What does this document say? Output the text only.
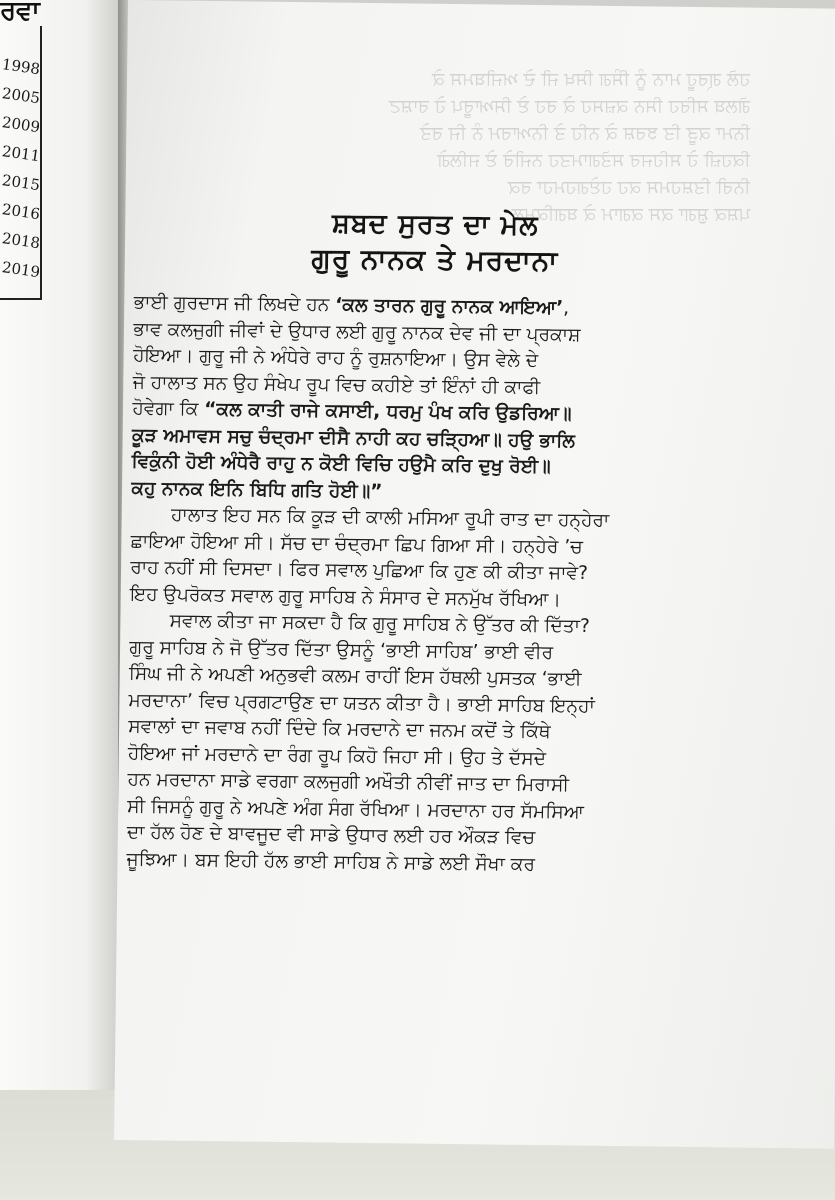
ਰਵਾ
1998
2005
2009
2011
2015
2016
2018
2019
ਹਲੋ ਗ੍ਰਹੂ ਮਾਨ ਨੂੰ ਸਿੰਗ ਸਿਖ ਜੀ ਦੇ ਅਜੀਬਮਸ ਕੇ
ਗੋਲਬ ਸਰਿਹ ਸਿਨ ਕਜ਼ਸਹ ਕੇ ਰਹ ਏ ਸਿਆਰੂਪ ਹੇ ਰਾਸ਼ਟ
ਨਿਮਾ ਕੜੂ ਤਿ ਝਰਸ਼ ਕੇ ਨਹਿ ਤੇ ਨਿਆਰਮ ਨੰ ਜਿ ਰਤੇ
ਕਿਹਜ਼ੀ ਹੇ ਸਹਿਜਰ ਸਤੋਗਾਮਤਹ ਨਜੀਰੇ ਏ ਜਲਿਗੇ
ਨਿਰੀ ਤਿਸ਼ਹਮਸ ਕਹ ਹਏਗਹਮਹਾ ਰਕ
ਪਸ਼ਕ ਸ਼ੁਗਾ ਕਸ ਕਗਾਮ ਕੇ ਬਗਕਿਮਲ
ਸ਼ਬਦ ਸੁਰਤ ਦਾ ਮੇਲ
ਗੁਰੂ ਨਾਨਕ ਤੇ ਮਰਦਾਨਾ
ਭਾਈ ਗੁਰਦਾਸ ਜੀ ਲਿਖਦੇ ਹਨ ‘ਕਲ ਤਾਰਨ ਗੁਰੂ ਨਾਨਕ ਆਇਆ’,
ਭਾਵ ਕਲਜੁਗੀ ਜੀਵਾਂ ਦੇ ਉਧਾਰ ਲਈ ਗੁਰੂ ਨਾਨਕ ਦੇਵ ਜੀ ਦਾ ਪ੍ਰਕਾਸ਼
ਹੋਇਆ। ਗੁਰੂ ਜੀ ਨੇ ਅੰਧੇਰੇ ਰਾਹ ਨੂੰ ਰੁਸ਼ਨਾਇਆ। ਉਸ ਵੇਲੇ ਦੇ
ਜੋ ਹਾਲਾਤ ਸਨ ਉਹ ਸੰਖੇਪ ਰੂਪ ਵਿਚ ਕਹੀਏ ਤਾਂ ਇੰਨਾਂ ਹੀ ਕਾਫੀ
ਹੋਵੇਗਾ ਕਿ “ਕਲ ਕਾਤੀ ਰਾਜੇ ਕਸਾਈ, ਧਰਮੁ ਪੰਖ ਕਰਿ ਉਡਰਿਆ॥
ਕੂੜ ਅਮਾਵਸ ਸਚੁ ਚੰਦ੍ਰਮਾ ਦੀਸੈ ਨਾਹੀ ਕਹ ਚੜ੍ਹਿਆ॥ ਹਉ ਭਾਲਿ
ਵਿਕੁੰਨੀ ਹੋਈ ਅੰਧੇਰੈ ਰਾਹੁ ਨ ਕੋਈ ਵਿਚਿ ਹਉਮੈ ਕਰਿ ਦੁਖੁ ਰੋਈ॥
ਕਹੁ ਨਾਨਕ ਇਨਿ ਬਿਧਿ ਗਤਿ ਹੋਈ॥”
ਹਾਲਾਤ ਇਹ ਸਨ ਕਿ ਕੂੜ ਦੀ ਕਾਲੀ ਮਸਿਆ ਰੂਪੀ ਰਾਤ ਦਾ ਹਨ੍ਹੇਰਾ
ਛਾਇਆ ਹੋਇਆ ਸੀ। ਸੱਚ ਦਾ ਚੰਦ੍ਰਮਾ ਛਿਪ ਗਿਆ ਸੀ। ਹਨ੍ਹੇਰੇ ’ਚ
ਰਾਹ ਨਹੀਂ ਸੀ ਦਿਸਦਾ। ਫਿਰ ਸਵਾਲ ਪੁਛਿਆ ਕਿ ਹੁਣ ਕੀ ਕੀਤਾ ਜਾਵੇ?
ਇਹ ਉਪਰੋਕਤ ਸਵਾਲ ਗੁਰੂ ਸਾਹਿਬ ਨੇ ਸੰਸਾਰ ਦੇ ਸਨਮੁੱਖ ਰੱਖਿਆ।
ਸਵਾਲ ਕੀਤਾ ਜਾ ਸਕਦਾ ਹੈ ਕਿ ਗੁਰੂ ਸਾਹਿਬ ਨੇ ਉੱਤਰ ਕੀ ਦਿੱਤਾ?
ਗੁਰੂ ਸਾਹਿਬ ਨੇ ਜੋ ਉੱਤਰ ਦਿੱਤਾ ਉਸਨੂੰ ‘ਭਾਈ ਸਾਹਿਬ’ ਭਾਈ ਵੀਰ
ਸਿੰਘ ਜੀ ਨੇ ਅਪਣੀ ਅਨੁਭਵੀ ਕਲਮ ਰਾਹੀਂ ਇਸ ਹੱਥਲੀ ਪੁਸਤਕ ‘ਭਾਈ
ਮਰਦਾਨਾ’ ਵਿਚ ਪ੍ਰਗਟਾਉਣ ਦਾ ਯਤਨ ਕੀਤਾ ਹੈ। ਭਾਈ ਸਾਹਿਬ ਇਨ੍ਹਾਂ
ਸਵਾਲਾਂ ਦਾ ਜਵਾਬ ਨਹੀਂ ਦਿੰਦੇ ਕਿ ਮਰਦਾਨੇ ਦਾ ਜਨਮ ਕਦੋਂ ਤੇ ਕਿੱਥੇ
ਹੋਇਆ ਜਾਂ ਮਰਦਾਨੇ ਦਾ ਰੰਗ ਰੂਪ ਕਿਹੋ ਜਿਹਾ ਸੀ। ਉਹ ਤੇ ਦੱਸਦੇ
ਹਨ ਮਰਦਾਨਾ ਸਾਡੇ ਵਰਗਾ ਕਲਜੁਗੀ ਅਖੌਤੀ ਨੀਵੀਂ ਜਾਤ ਦਾ ਮਿਰਾਸੀ
ਸੀ ਜਿਸਨੂੰ ਗੁਰੂ ਨੇ ਅਪਣੇ ਅੰਗ ਸੰਗ ਰੱਖਿਆ। ਮਰਦਾਨਾ ਹਰ ਸੱਮਸਿਆ
ਦਾ ਹੱਲ ਹੋਣ ਦੇ ਬਾਵਜੂਦ ਵੀ ਸਾਡੇ ਉਧਾਰ ਲਈ ਹਰ ਔਕੜ ਵਿਚ
ਜੂਝਿਆ। ਬਸ ਇਹੀ ਹੱਲ ਭਾਈ ਸਾਹਿਬ ਨੇ ਸਾਡੇ ਲਈ ਸੌਖਾ ਕਰ
